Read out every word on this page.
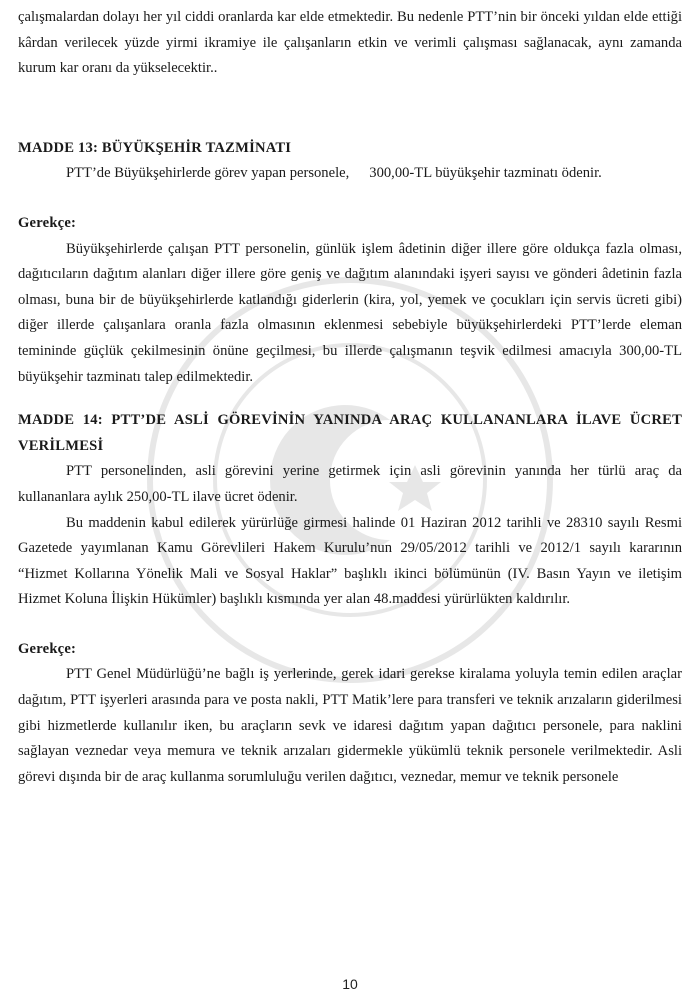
çalışmalardan dolayı her yıl ciddi oranlarda kar elde etmektedir. Bu nedenle PTT’nin bir önceki yıldan elde ettiği kârdan verilecek yüzde yirmi ikramiye ile çalışanların etkin ve verimli çalışması sağlanacak, aynı zamanda kurum kar oranı da yükselecektir..

MADDE 13: BÜYÜKŞEHİR TAZMİNATI

PTT’de Büyükşehirlerde görev yapan personele, 300,00-TL büyükşehir tazminatı ödenir.

Gerekçe:

Büyükşehirlerde çalışan PTT personelin, günlük işlem âdetinin diğer illere göre oldukça fazla olması, dağıtıcıların dağıtım alanları diğer illere göre geniş ve dağıtım alanındaki işyeri sayısı ve gönderi âdetinin fazla olması, buna bir de büyükşehirlerde katlandığı giderlerin (kira, yol, yemek ve çocukları için servis ücreti gibi) diğer illerde çalışanlara oranla fazla olmasının eklenmesi sebebiyle büyükşehirlerdeki PTT’lerde eleman temininde güçlük çekilmesinin önüne geçilmesi, bu illerde çalışmanın teşvik edilmesi amacıyla 300,00-TL büyükşehir tazminatı talep edilmektedir.

MADDE 14: PTT’DE ASLİ GÖREVİNİN YANINDA ARAÇ KULLANANLARA İLAVE ÜCRET VERİLMESİ

PTT personelinden, asli görevini yerine getirmek için asli görevinin yanında her türlü araç da kullananlara aylık 250,00-TL ilave ücret ödenir.

Bu maddenin kabul edilerek yürürlüğe girmesi halinde 01 Haziran 2012 tarihli ve 28310 sayılı Resmi Gazetede yayımlanan Kamu Görevlileri Hakem Kurulu’nun 29/05/2012 tarihli ve 2012/1 sayılı kararının “Hizmet Kollarına Yönelik Mali ve Sosyal Haklar” başlıklı ikinci bölümünün (IV. Basın Yayın ve iletişim Hizmet Koluna İlişkin Hükümler) başlıklı kısmında yer alan 48.maddesi yürürlükten kaldırılır.

Gerekçe:

PTT Genel Müdürlüğü’ne bağlı iş yerlerinde, gerek idari gerekse kiralama yoluyla temin edilen araçlar dağıtım, PTT işyerleri arasında para ve posta nakli, PTT Matik’lere para transferi ve teknik arızaların giderilmesi gibi hizmetlerde kullanılır iken, bu araçların sevk ve idaresi dağıtım yapan dağıtıcı personele, para naklini sağlayan veznedar veya memura ve teknik arızaları gidermekle yükümlü teknik personele verilmektedir. Asli görevi dışında bir de araç kullanma sorumluluğu verilen dağıtıcı, veznedar, memur ve teknik personele

10
